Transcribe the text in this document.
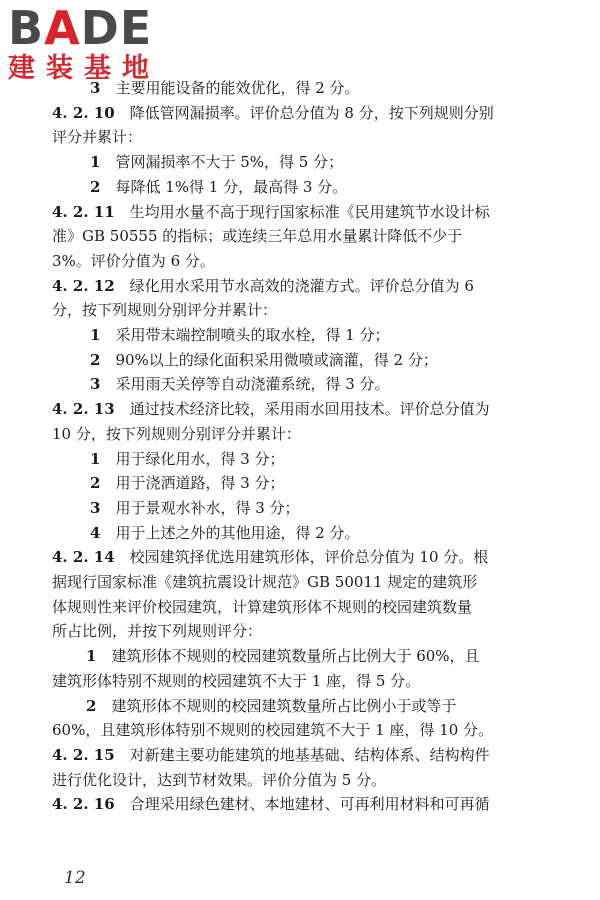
BADE
建装基地
3  主要用能设备的能效优化，得 2 分。
4. 2. 10  降低管网漏损率。评价总分值为 8 分，按下列规则分别
评分并累计：
1  管网漏损率不大于 5%，得 5 分；
2  每降低 1%得 1 分，最高得 3 分。
4. 2. 11  生均用水量不高于现行国家标准《民用建筑节水设计标
准》GB 50555 的指标；或连续三年总用水量累计降低不少于
3%。评价分值为 6 分。
4. 2. 12  绿化用水采用节水高效的浇灌方式。评价总分值为 6
分，按下列规则分别评分并累计：
1  采用带末端控制喷头的取水栓，得 1 分；
2  90%以上的绿化面积采用微喷或滴灌，得 2 分；
3  采用雨天关停等自动浇灌系统，得 3 分。
4. 2. 13  通过技术经济比较，采用雨水回用技术。评价总分值为
10 分，按下列规则分别评分并累计：
1  用于绿化用水，得 3 分；
2  用于浇洒道路，得 3 分；
3  用于景观水补水，得 3 分；
4  用于上述之外的其他用途，得 2 分。
4. 2. 14  校园建筑择优选用建筑形体，评价总分值为 10 分。根
据现行国家标准《建筑抗震设计规范》GB 50011 规定的建筑形
体规则性来评价校园建筑，计算建筑形体不规则的校园建筑数量
所占比例，并按下列规则评分：
1  建筑形体不规则的校园建筑数量所占比例大于 60%，且
建筑形体特别不规则的校园建筑不大于 1 座，得 5 分。
2  建筑形体不规则的校园建筑数量所占比例小于或等于
60%，且建筑形体特别不规则的校园建筑不大于 1 座，得 10 分。
4. 2. 15  对新建主要功能建筑的地基基础、结构体系、结构构件
进行优化设计，达到节材效果。评价分值为 5 分。
4. 2. 16  合理采用绿色建材、本地建材、可再利用材料和可再循
12
